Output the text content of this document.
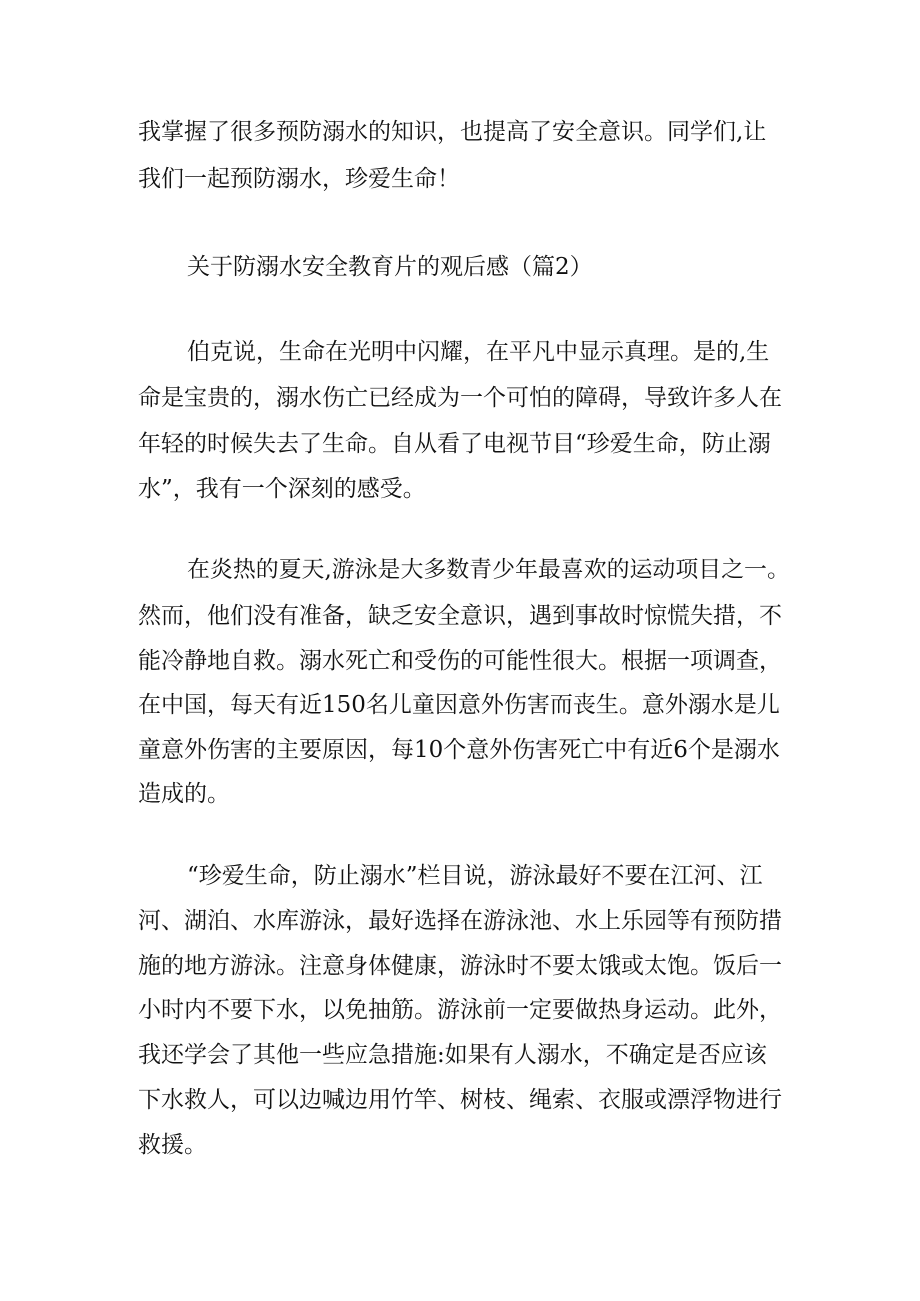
我掌握了很多预防溺水的知识，也提高了安全意识。同学们,让
我们一起预防溺水，珍爱生命！
关于防溺水安全教育片的观后感（篇2）
伯克说，生命在光明中闪耀，在平凡中显示真理。是的,生
命是宝贵的，溺水伤亡已经成为一个可怕的障碍，导致许多人在
年轻的时候失去了生命。自从看了电视节目“珍爱生命，防止溺
水”，我有一个深刻的感受。
在炎热的夏天,游泳是大多数青少年最喜欢的运动项目之一。
然而，他们没有准备，缺乏安全意识，遇到事故时惊慌失措，不
能冷静地自救。溺水死亡和受伤的可能性很大。根据一项调查，
在中国，每天有近150名儿童因意外伤害而丧生。意外溺水是儿
童意外伤害的主要原因，每10个意外伤害死亡中有近6个是溺水
造成的。
“珍爱生命，防止溺水”栏目说，游泳最好不要在江河、江
河、湖泊、水库游泳，最好选择在游泳池、水上乐园等有预防措
施的地方游泳。注意身体健康，游泳时不要太饿或太饱。饭后一
小时内不要下水，以免抽筋。游泳前一定要做热身运动。此外，
我还学会了其他一些应急措施:如果有人溺水，不确定是否应该
下水救人，可以边喊边用竹竿、树枝、绳索、衣服或漂浮物进行
救援。
